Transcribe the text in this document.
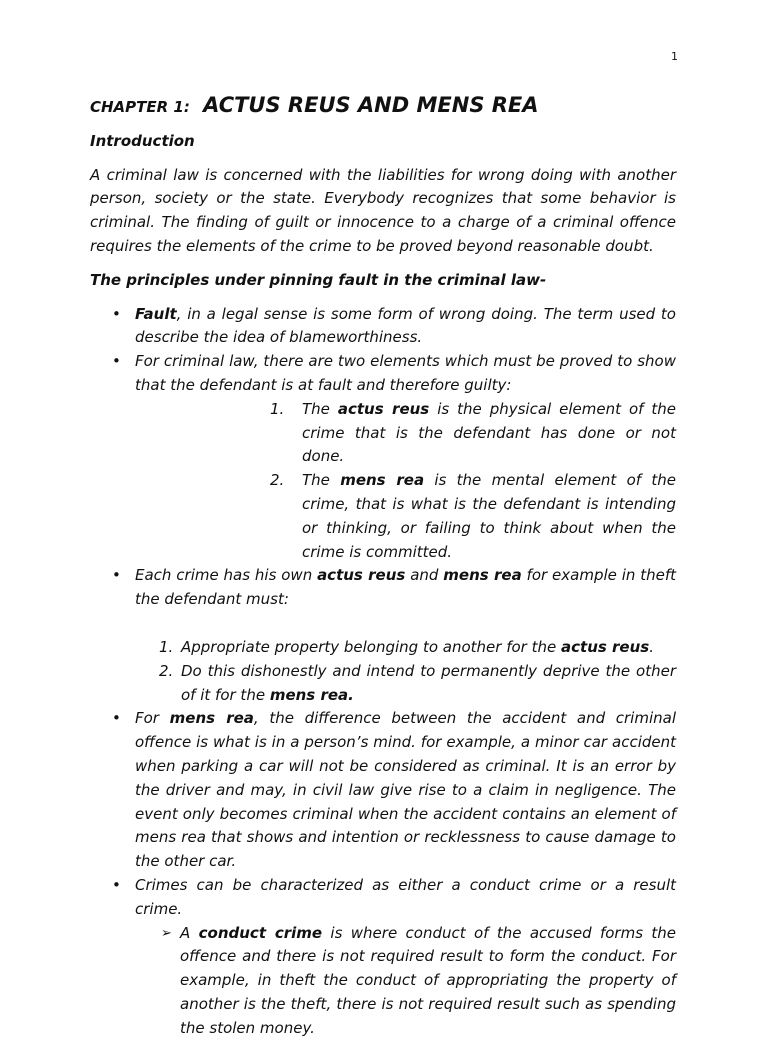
1
CHAPTER 1: ACTUS REUS AND MENS REA
Introduction

A criminal law is concerned with the liabilities for wrong doing with another person, society or the state. Everybody recognizes that some behavior is criminal. The finding of guilt or innocence to a charge of a criminal offence requires the elements of the crime to be proved beyond reasonable doubt.

The principles under pinning fault in the criminal law-
• Fault, in a legal sense is some form of wrong doing. The term used to describe the idea of blameworthiness.
• For criminal law, there are two elements which must be proved to show that the defendant is at fault and therefore guilty:
1. The actus reus is the physical element of the crime that is the defendant has done or not done.
2. The mens rea is the mental element of the crime, that is what is the defendant is intending or thinking, or failing to think about when the crime is committed.
• Each crime has his own actus reus and mens rea for example in theft the defendant must:
1. Appropriate property belonging to another for the actus reus.
2. Do this dishonestly and intend to permanently deprive the other of it for the mens rea.
• For mens rea, the difference between the accident and criminal offence is what is in a person’s mind. for example, a minor car accident when parking a car will not be considered as criminal. It is an error by the driver and may, in civil law give rise to a claim in negligence. The event only becomes criminal when the accident contains an element of mens rea that shows and intention or recklessness to cause damage to the other car.
• Crimes can be characterized as either a conduct crime or a result crime.
➢ A conduct crime is where conduct of the accused forms the offence and there is not required result to form the conduct. For example, in theft the conduct of appropriating the property of another is the theft, there is not required result such as spending the stolen money.
